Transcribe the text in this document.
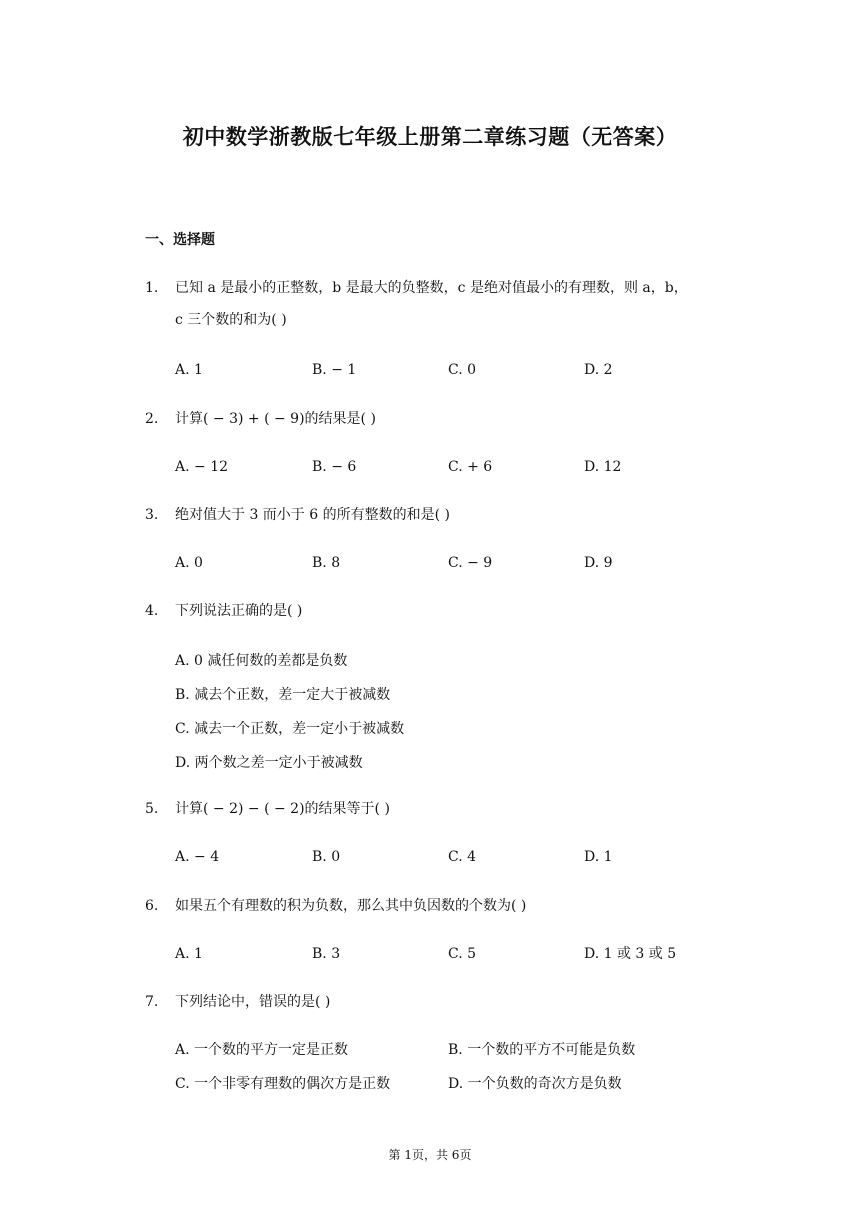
初中数学浙教版七年级上册第二章练习题（无答案）
一、选择题
1.	已知 a 是最小的正整数，b 是最大的负整数，c 是绝对值最小的有理数，则 a，b，
c 三个数的和为( )
A. 1	B. − 1	C. 0	D. 2
2.	计算( − 3) + ( − 9)的结果是( )
A. − 12	B. − 6	C. + 6	D. 12
3.	绝对值大于 3 而小于 6 的所有整数的和是( )
A. 0	B. 8	C. − 9	D. 9
4.	下列说法正确的是( )
A. 0 减任何数的差都是负数
B. 减去个正数，差一定大于被减数
C. 减去一个正数，差一定小于被减数
D. 两个数之差一定小于被减数
5.	计算( − 2) − ( − 2)的结果等于( )
A. − 4	B. 0	C. 4	D. 1
6.	如果五个有理数的积为负数，那么其中负因数的个数为( )
A. 1	B. 3	C. 5	D. 1 或 3 或 5
7.	下列结论中，错误的是( )
A. 一个数的平方一定是正数	B. 一个数的平方不可能是负数
C. 一个非零有理数的偶次方是正数	D. 一个负数的奇次方是负数
第 1页，共 6页
